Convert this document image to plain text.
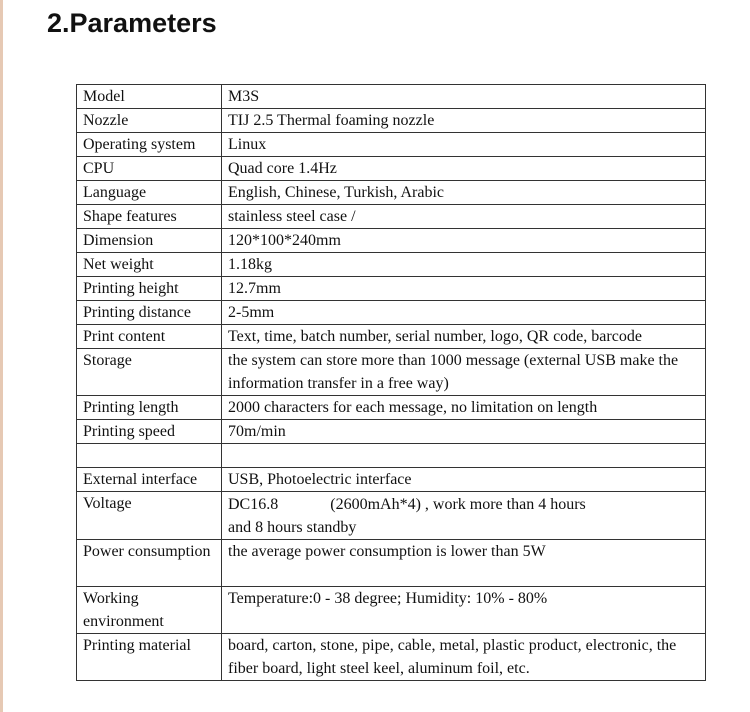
2.Parameters
Model	M3S
Nozzle	TIJ 2.5 Thermal foaming nozzle
Operating system	Linux
CPU	Quad core 1.4Hz
Language	English, Chinese, Turkish, Arabic
Shape features	stainless steel case /
Dimension	120*100*240mm
Net weight	1.18kg
Printing height	12.7mm
Printing distance	2-5mm
Print content	Text, time, batch number, serial number, logo, QR code, barcode
Storage	the system can store more than 1000 message (external USB make the information transfer in a free way)
Printing length	2000 characters for each message, no limitation on length
Printing speed	70m/min

External interface	USB, Photoelectric interface
Voltage	DC16.8 (2600mAh*4) , work more than 4 hours
and 8 hours standby
Power consumption	the average power consumption is lower than 5W
Working environment	Temperature:0 - 38 degree; Humidity: 10% - 80%
Printing material	board, carton, stone, pipe, cable, metal, plastic product, electronic, the fiber board, light steel keel, aluminum foil, etc.
